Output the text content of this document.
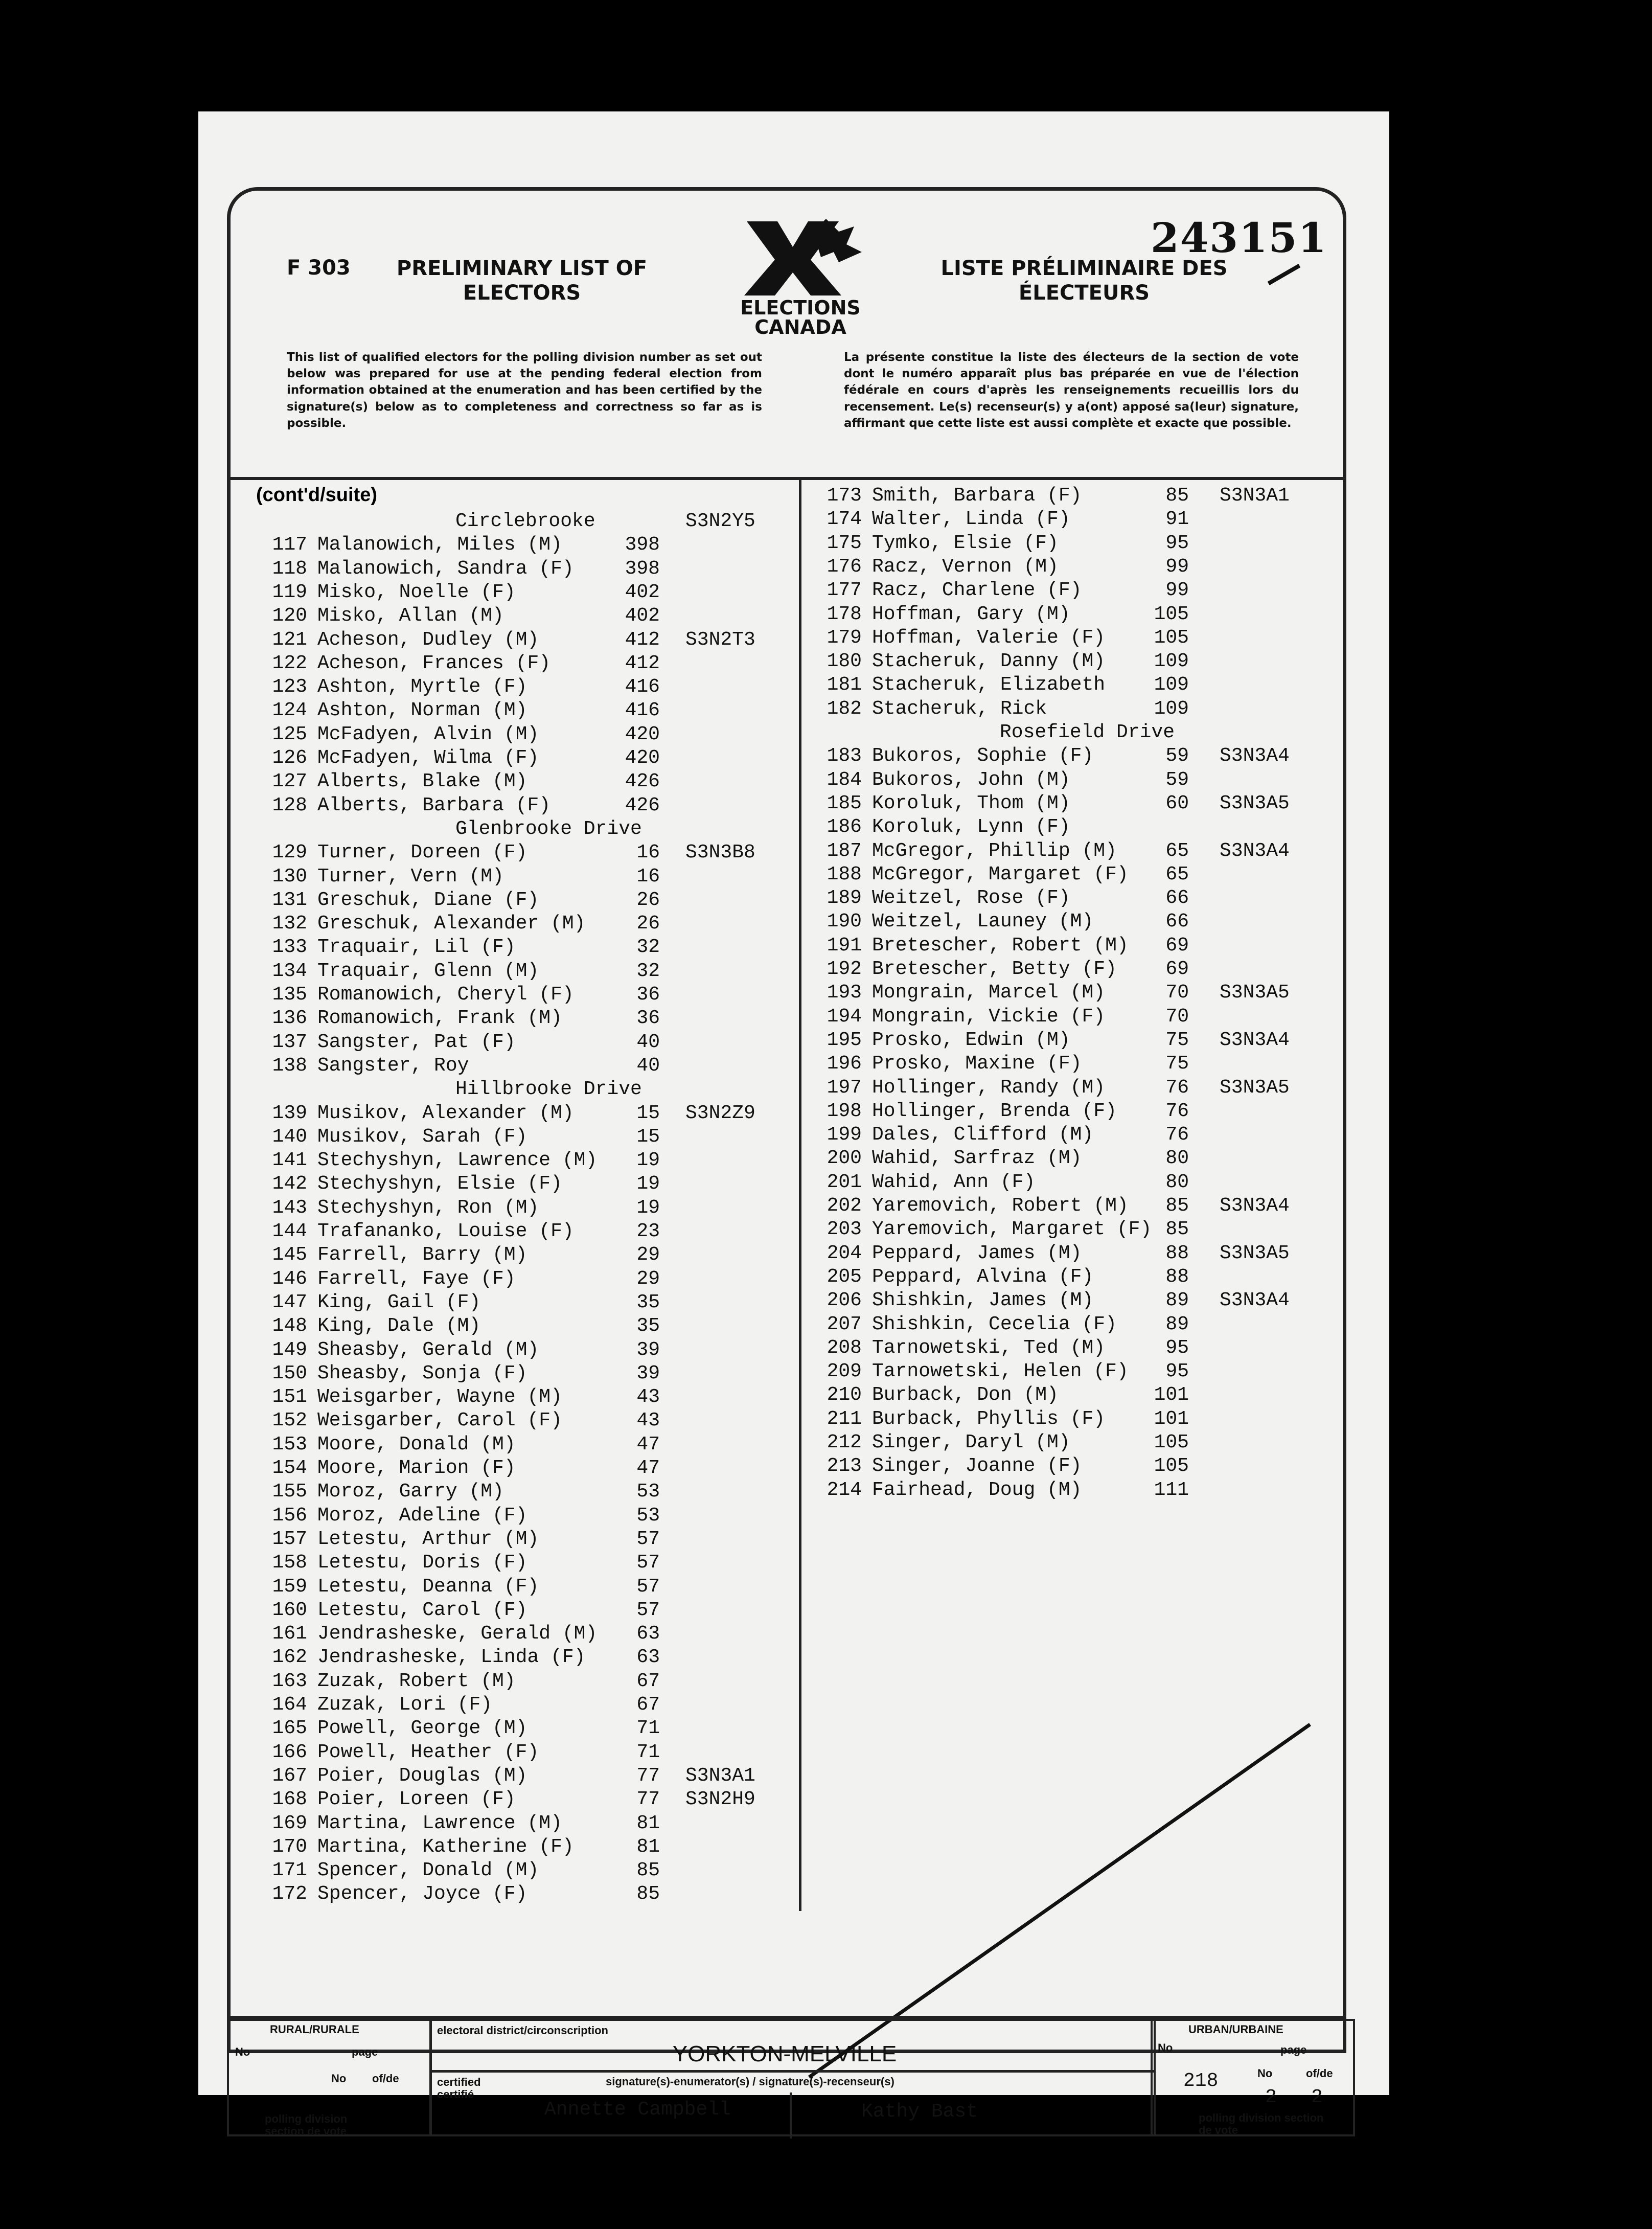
243151
F 303	PRELIMINARY LIST OF ELECTORS
LISTE PRÉLIMINAIRE DES ÉLECTEURS
ELECTIONS CANADA
This list of qualified electors for the polling division number as set out below was prepared for use at the pending federal election from information obtained at the enumeration and has been certified by the signature(s) below as to completeness and correctness so far as is possible.
La présente constitue la liste des électeurs de la section de vote dont le numéro apparaît plus bas préparée en vue de l'élection fédérale en cours d'après les renseignements recueillis lors du recensement. Le(s) recenseur(s) y a(ont) apposé sa(leur) signature, affirmant que cette liste est aussi complète et exacte que possible.
(cont'd/suite)
Circlebrooke	S3N2Y5
117 Malanowich, Miles (M)	398
118 Malanowich, Sandra (F)	398
119 Misko, Noelle (F)	402
120 Misko, Allan (M)	402
121 Acheson, Dudley (M)	412 S3N2T3
122 Acheson, Frances (F)	412
123 Ashton, Myrtle (F)	416
124 Ashton, Norman (M)	416
125 McFadyen, Alvin (M)	420
126 McFadyen, Wilma (F)	420
127 Alberts, Blake (M)	426
128 Alberts, Barbara (F)	426
Glenbrooke Drive
129 Turner, Doreen (F)	16 S3N3B8
130 Turner, Vern (M)	16
131 Greschuk, Diane (F)	26
132 Greschuk, Alexander (M)	26
133 Traquair, Lil (F)	32
134 Traquair, Glenn (M)	32
135 Romanowich, Cheryl (F)	36
136 Romanowich, Frank (M)	36
137 Sangster, Pat (F)	40
138 Sangster, Roy	40
Hillbrooke Drive
139 Musikov, Alexander (M)	15 S3N2Z9
140 Musikov, Sarah (F)	15
141 Stechyshyn, Lawrence (M)	19
142 Stechyshyn, Elsie (F)	19
143 Stechyshyn, Ron (M)	19
144 Trafananko, Louise (F)	23
145 Farrell, Barry (M)	29
146 Farrell, Faye (F)	29
147 King, Gail (F)	35
148 King, Dale (M)	35
149 Sheasby, Gerald (M)	39
150 Sheasby, Sonja (F)	39
151 Weisgarber, Wayne (M)	43
152 Weisgarber, Carol (F)	43
153 Moore, Donald (M)	47
154 Moore, Marion (F)	47
155 Moroz, Garry (M)	53
156 Moroz, Adeline (F)	53
157 Letestu, Arthur (M)	57
158 Letestu, Doris (F)	57
159 Letestu, Deanna (F)	57
160 Letestu, Carol (F)	57
161 Jendrasheske, Gerald (M)	63
162 Jendrasheske, Linda (F)	63
163 Zuzak, Robert (M)	67
164 Zuzak, Lori (F)	67
165 Powell, George (M)	71
166 Powell, Heather (F)	71
167 Poier, Douglas (M)	77 S3N3A1
168 Poier, Loreen (F)	77 S3N2H9
169 Martina, Lawrence (M)	81
170 Martina, Katherine (F)	81
171 Spencer, Donald (M)	85
172 Spencer, Joyce (F)	85
173 Smith, Barbara (F)	85 S3N3A1
174 Walter, Linda (F)	91
175 Tymko, Elsie (F)	95
176 Racz, Vernon (M)	99
177 Racz, Charlene (F)	99
178 Hoffman, Gary (M)	105
179 Hoffman, Valerie (F)	105
180 Stacheruk, Danny (M)	109
181 Stacheruk, Elizabeth	109
182 Stacheruk, Rick	109
Rosefield Drive
183 Bukoros, Sophie (F)	59 S3N3A4
184 Bukoros, John (M)	59
185 Koroluk, Thom (M)	60 S3N3A5
186 Koroluk, Lynn (F)
187 McGregor, Phillip (M)	65 S3N3A4
188 McGregor, Margaret (F)	65
189 Weitzel, Rose (F)	66
190 Weitzel, Launey (M)	66
191 Bretescher, Robert (M)	69
192 Bretescher, Betty (F)	69
193 Mongrain, Marcel (M)	70 S3N3A5
194 Mongrain, Vickie (F)	70
195 Prosko, Edwin (M)	75 S3N3A4
196 Prosko, Maxine (F)	75
197 Hollinger, Randy (M)	76 S3N3A5
198 Hollinger, Brenda (F)	76
199 Dales, Clifford (M)	76
200 Wahid, Sarfraz (M)	80
201 Wahid, Ann (F)	80
202 Yaremovich, Robert (M)	85 S3N3A4
203 Yaremovich, Margaret (F) 85
204 Peppard, James (M)	88 S3N3A5
205 Peppard, Alvina (F)	88
206 Shishkin, James (M)	89 S3N3A4
207 Shishkin, Cecelia (F)	89
208 Tarnowetski, Ted (M)	95
209 Tarnowetski, Helen (F)	95
210 Burback, Don (M)	101
211 Burback, Phyllis (F)	101
212 Singer, Daryl (M)	105
213 Singer, Joanne (F)	105
214 Fairhead, Doug (M)	111
RURAL/RURALE
No	page
No of/de
polling division section de vote
electoral district/circonscription
YORKTON-MELVILLE
certified certifié
signature(s)-enumerator(s) / signature(s)-recenseur(s)
Annette Campbell	Kathy Bast
URBAN/URBAINE
No	page
No	of/de
218
2 2
polling division section de vote
